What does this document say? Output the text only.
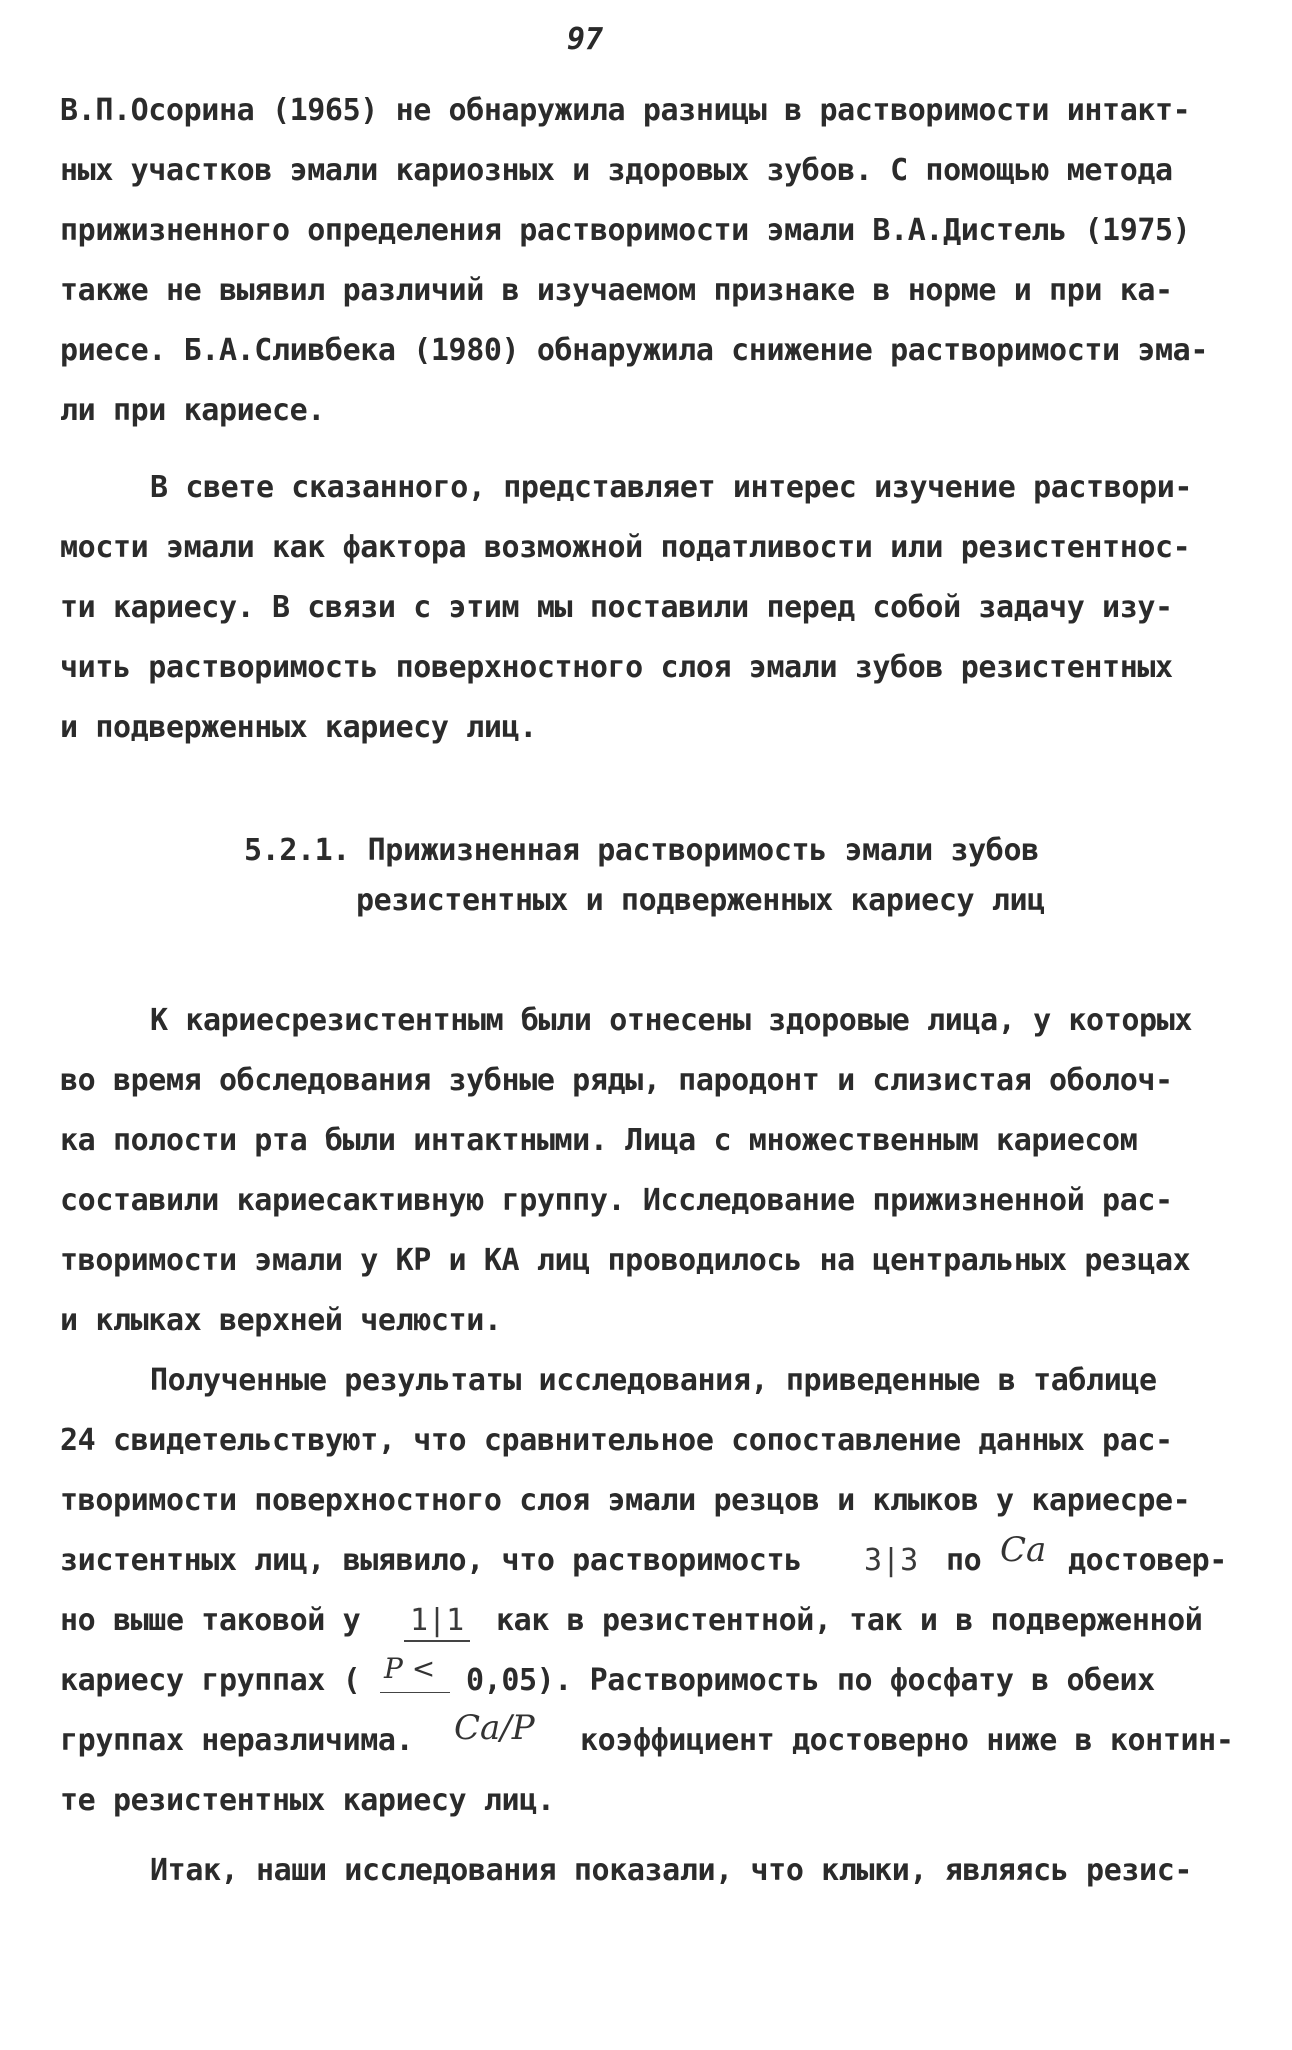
97
В.П.Осорина (1965) не обнаружила разницы в растворимости интакт-
ных участков эмали кариозных и здоровых зубов. С помощью метода
прижизненного определения растворимости эмали В.А.Дистель (1975)
также не выявил различий в изучаемом признаке в норме и при ка-
риесе. Б.А.Сливбека (1980) обнаружила снижение растворимости эма-
ли при кариесе.
В свете сказанного, представляет интерес изучение раствори-
мости эмали как фактора возможной податливости или резистентнос-
ти кариесу. В связи с этим мы поставили перед собой задачу изу-
чить растворимость поверхностного слоя эмали зубов резистентных
и подверженных кариесу лиц.
5.2.1. Прижизненная растворимость эмали зубов
резистентных и подверженных кариесу лиц
К кариесрезистентным были отнесены здоровые лица, у которых
во время обследования зубные ряды, пародонт и слизистая оболоч-
ка полости рта были интактными. Лица с множественным кариесом
составили кариесактивную группу. Исследование прижизненной рас-
творимости эмали у КР и КА лиц проводилось на центральных резцах
и клыках верхней челюсти.
Полученные результаты исследования, приведенные в таблице
24 свидетельствуют, что сравнительное сопоставление данных рас-
творимости поверхностного слоя эмали резцов и клыков у кариесре-
зистентных лиц, выявило, что растворимость 3|3 по Ca достовер-
но выше таковой у 1|1 как в резистентной, так и в подверженной
кариесу группах ( P < 0,05). Растворимость по фосфату в обеих
группах неразличима. Ca/P коэффициент достоверно ниже в контин-
те резистентных кариесу лиц.
Итак, наши исследования показали, что клыки, являясь резис-
